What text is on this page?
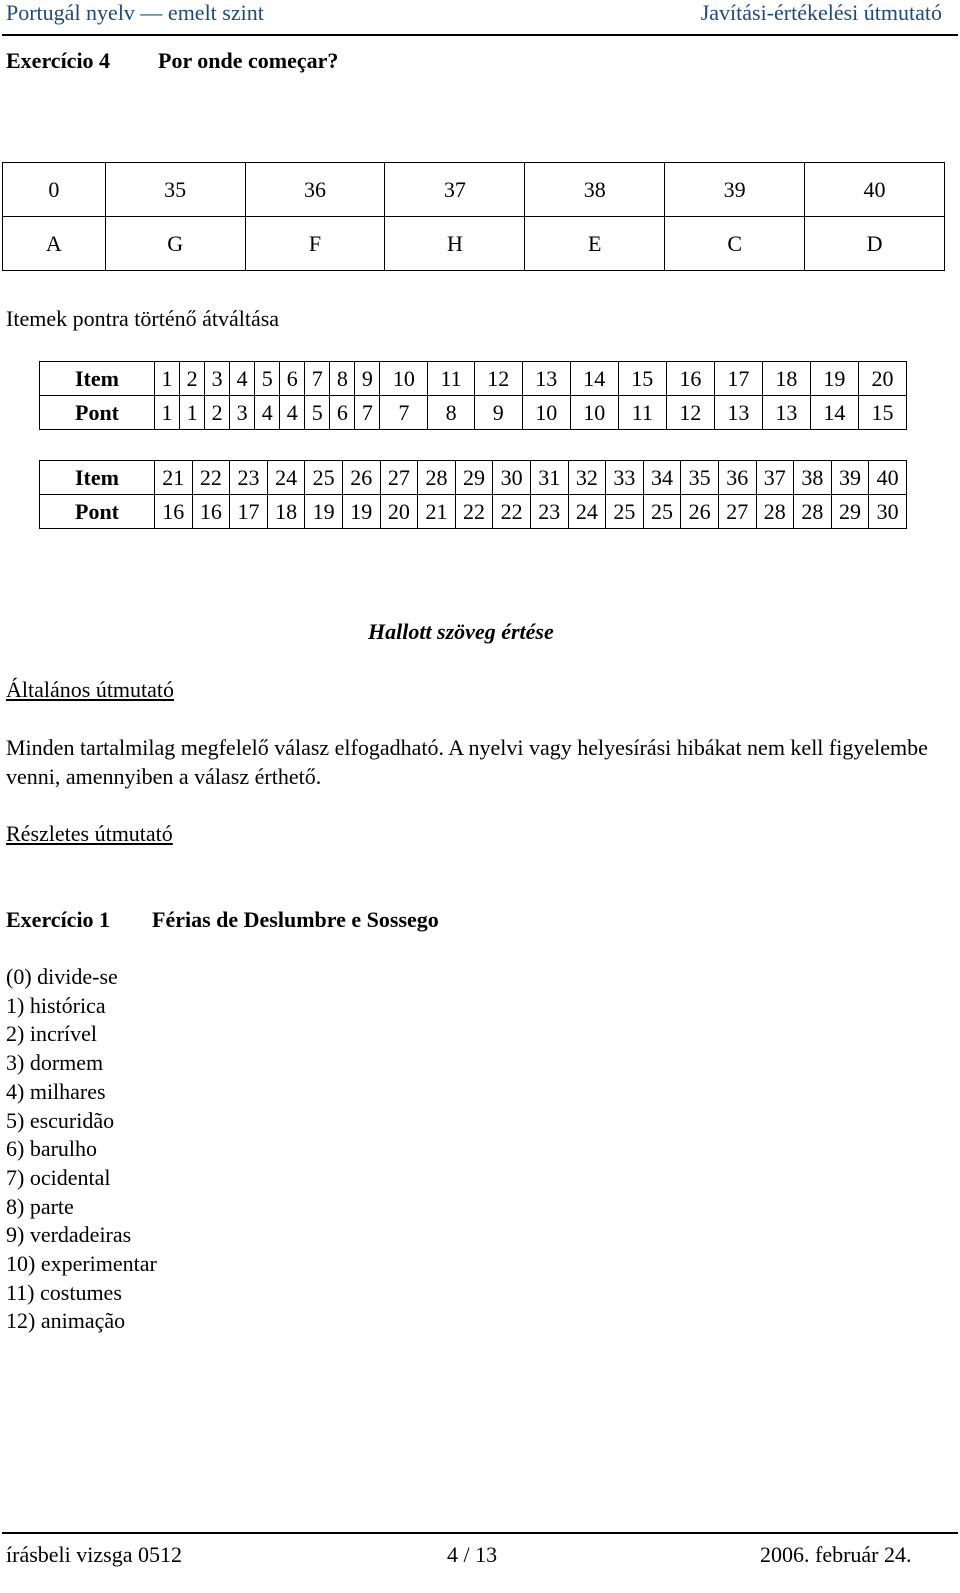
Portugál nyelv — emelt szint	Javítási-értékelési útmutató
Exercício 4 Por onde começar?
0	35	36	37	38	39	40
A	G	F	H	E	C	D
Itemek pontra történő átváltása
Item	1	2	3	4	5	6	7	8	9	10	11	12	13	14	15	16	17	18	19	20
Pont	1	1	2	3	4	4	5	6	7	7	8	9	10	10	11	12	13	13	14	15
Item	21	22	23	24	25	26	27	28	29	30	31	32	33	34	35	36	37	38	39	40
Pont	16	16	17	18	19	19	20	21	22	22	23	24	25	25	26	27	28	28	29	30
Hallott szöveg értése
Általános útmutató
Minden tartalmilag megfelelő válasz elfogadható. A nyelvi vagy helyesírási hibákat nem kell figyelembe venni, amennyiben a válasz érthető.
Részletes útmutató
Exercício 1 Férias de Deslumbre e Sossego
(0) divide-se
1) histórica
2) incrível
3) dormem
4) milhares
5) escuridão
6) barulho
7) ocidental
8) parte
9) verdadeiras
10) experimentar
11) costumes
12) animação
írásbeli vizsga 0512	4 / 13	2006. február 24.
